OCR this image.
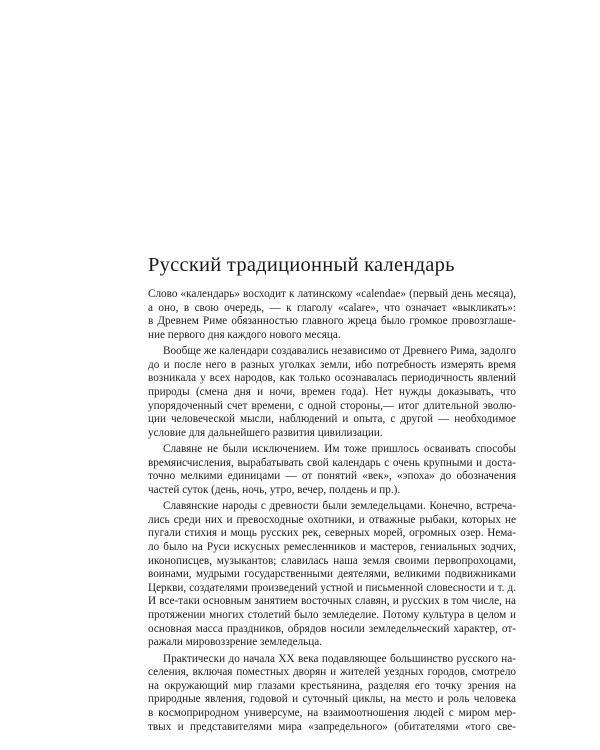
Русский традиционный календарь

Слово «календарь» восходит к латинскому «calendae» (первый день месяца),
а оно, в свою очередь, — к глаголу «calare», что означает «выкликать»:
в Древнем Риме обязанностью главного жреца было громкое провозглаше-
ние первого дня каждого нового месяца.

Вообще же календари создавались независимо от Древнего Рима, задолго
до и после него в разных уголках земли, ибо потребность измерять время
возникала у всех народов, как только осознавалась периодичность явлений
природы (смена дня и ночи, времен года). Нет нужды доказывать, что
упорядоченный счет времени, с одной стороны,— итог длительной эволю-
ции человеческой мысли, наблюдений и опыта, с другой — необходимое
условие для дальнейшего развития цивилизации.

Славяне не были исключением. Им тоже пришлось осваивать способы
времяисчисления, вырабатывать свой календарь с очень крупными и доста-
точно мелкими единицами — от понятий «век», «эпоха» до обозначения
частей суток (день, ночь, утро, вечер, полдень и пр.).

Славянские народы с древности были земледельцами. Конечно, встреча-
лись среди них и превосходные охотники, и отважные рыбаки, которых не
пугали стихия и мощь русских рек, северных морей, огромных озер. Нема-
ло было на Руси искусных ремесленников и мастеров, гениальных зодчих,
иконописцев, музыкантов; славилась наша земля своими первопрохоцами,
воинами, мудрыми государственными деятелями, великими подвижниками
Церкви, создателями произведений устной и письменной словесности и т. д.
И все-таки основным занятием восточных славян, и русских в том числе, на
протяжении многих столетий было земледелие. Потому культура в целом и
основная масса праздников, обрядов носили земледельческий характер, от-
ражали мировоззрение земледельца.

Практически до начала XX века подавляющее большинство русского на-
селения, включая поместных дворян и жителей уездных городов, смотрело
на окружающий мир глазами крестьянина, разделяя его точку зрения на
природные явления, годовой и суточный циклы, на место и роль человека
в космоприродном универсуме, на взаимоотношения людей с миром мер-
твых и представителями мира «запредельного» (обитателями «того све-
